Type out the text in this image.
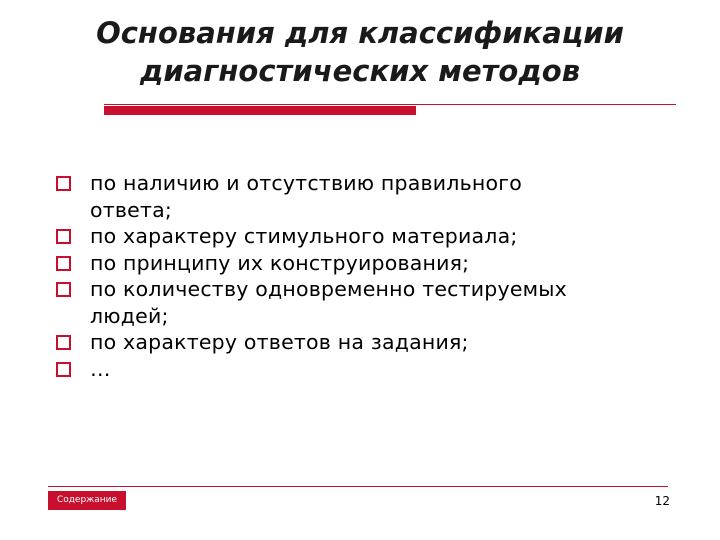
Основания для классификации
диагностических методов
по наличию и отсутствию правильного
ответа;
по характеру стимульного материала;
по принципу их конструирования;
по количеству одновременно тестируемых
людей;
по характеру ответов на задания;
…
Содержание	12
